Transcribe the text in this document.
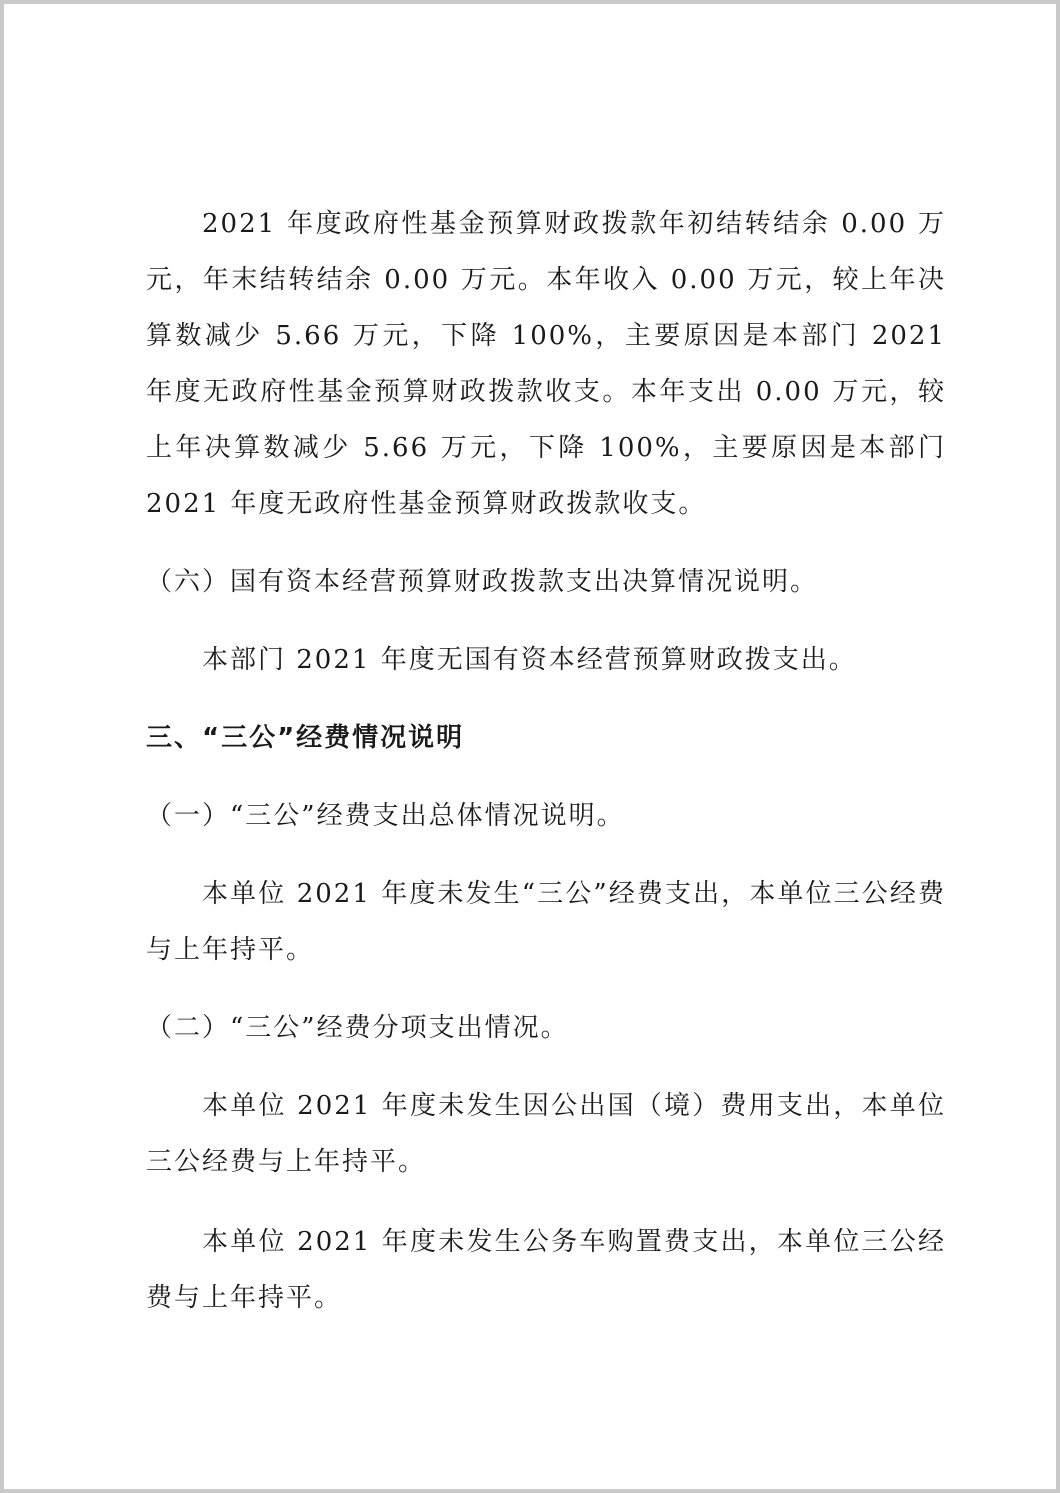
2021 年度政府性基金预算财政拨款年初结转结余 0.00 万元，年末结转结余 0.00 万元。本年收入 0.00 万元，较上年决算数减少 5.66 万元，下降 100%，主要原因是本部门 2021 年度无政府性基金预算财政拨款收支。本年支出 0.00 万元，较上年决算数减少 5.66 万元，下降 100%，主要原因是本部门 2021 年度无政府性基金预算财政拨款收支。

（六）国有资本经营预算财政拨款支出决算情况说明。

本部门 2021 年度无国有资本经营预算财政拨支出。

三、“三公”经费情况说明

（一）“三公”经费支出总体情况说明。

本单位 2021 年度未发生“三公”经费支出，本单位三公经费与上年持平。

（二）“三公”经费分项支出情况。

本单位 2021 年度未发生因公出国（境）费用支出，本单位三公经费与上年持平。

本单位 2021 年度未发生公务车购置费支出，本单位三公经费与上年持平。
